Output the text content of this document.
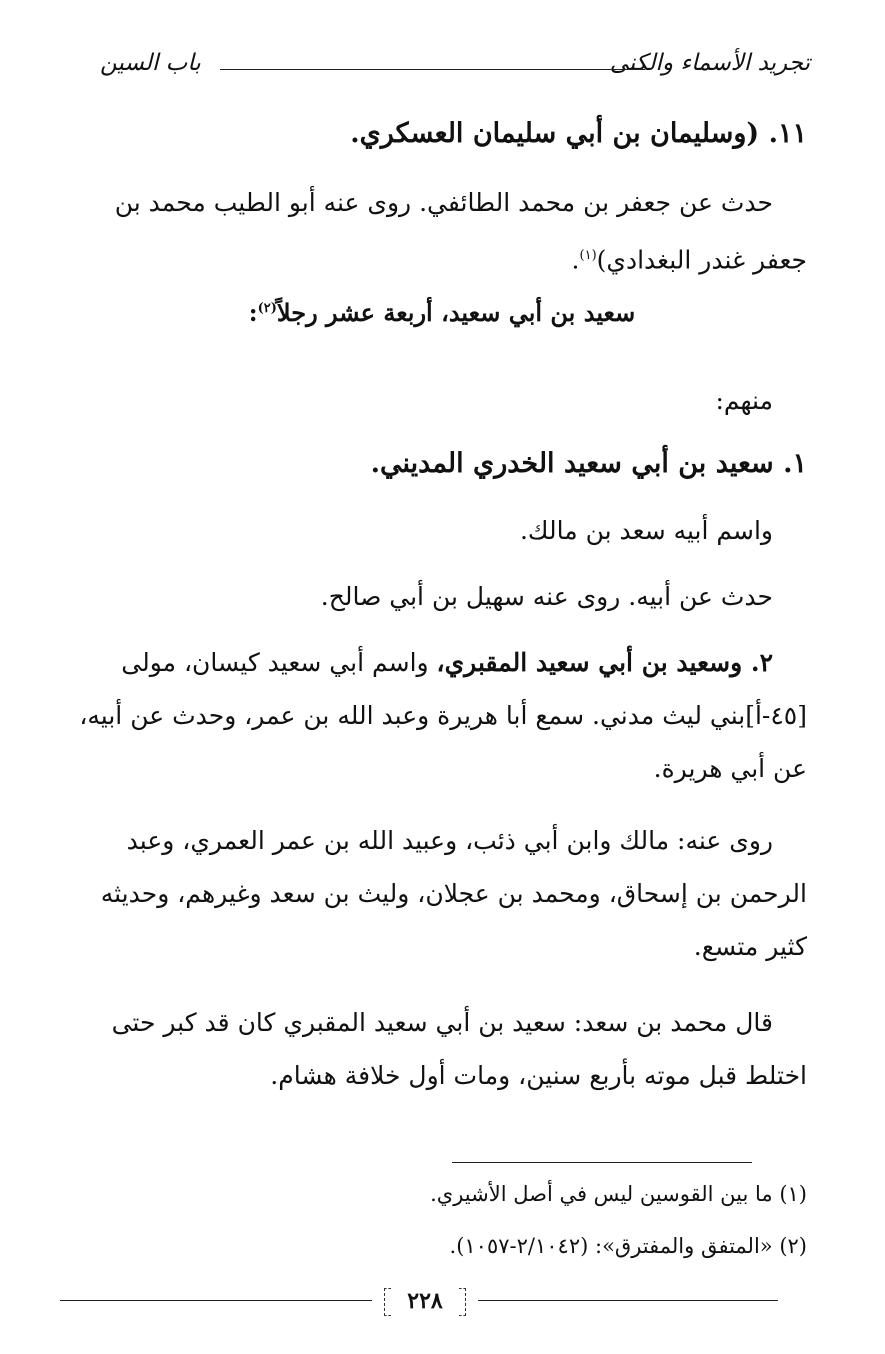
تجريد الأسماء والكنى
باب السين
١١. (وسليمان بن أبي سليمان العسكري.
حدث عن جعفر بن محمد الطائفي. روى عنه أبو الطيب محمد بن جعفر غندر البغدادي)$^{(١)}$.
سعيد بن أبي سعيد، أربعة عشر رجلاً$^{(٢)}$:
منهم:
١. سعيد بن أبي سعيد الخدري المديني.
واسم أبيه سعد بن مالك.
حدث عن أبيه. روى عنه سهيل بن أبي صالح.
٢. وسعيد بن أبي سعيد المقبري، واسم أبي سعيد كيسان، مولى [٤٥-أ]بني ليث مدني. سمع أبا هريرة وعبد الله بن عمر، وحدث عن أبيه، عن أبي هريرة.
روى عنه: مالك وابن أبي ذئب، وعبيد الله بن عمر العمري، وعبد الرحمن بن إسحاق، ومحمد بن عجلان، وليث بن سعد وغيرهم، وحديثه كثير متسع.
قال محمد بن سعد: سعيد بن أبي سعيد المقبري كان قد كبر حتى اختلط قبل موته بأربع سنين، ومات أول خلافة هشام.
(١) ما بين القوسين ليس في أصل الأشيري.
(٢) «المتفق والمفترق»: (٢/١٠٤٢-١٠٥٧).
٢٢٨
